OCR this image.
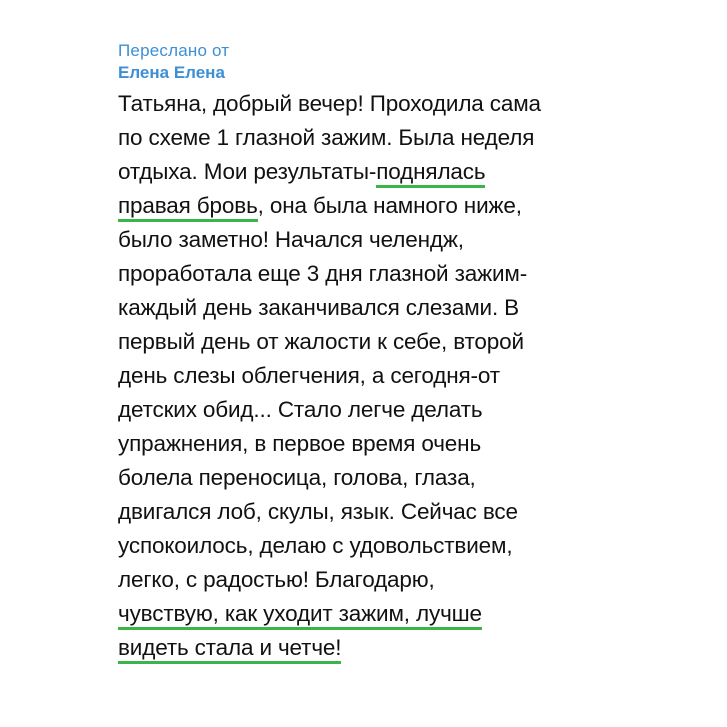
Переслано от
Елена Елена
Татьяна, добрый вечер! Проходила сама
по схеме 1 глазной зажим. Была неделя
отдыха. Мои результаты-поднялась
правая бровь, она была намного ниже,
было заметно! Начался челендж,
проработала еще 3 дня глазной зажим-
каждый день заканчивался слезами. В
первый день от жалости к себе, второй
день слезы облегчения, а сегодня-от
детских обид... Стало легче делать
упражнения, в первое время очень
болела переносица, голова, глаза,
двигался лоб, скулы, язык. Сейчас все
успокоилось, делаю с удовольствием,
легко, с радостью! Благодарю,
чувствую, как уходит зажим, лучше
видеть стала и четче!
